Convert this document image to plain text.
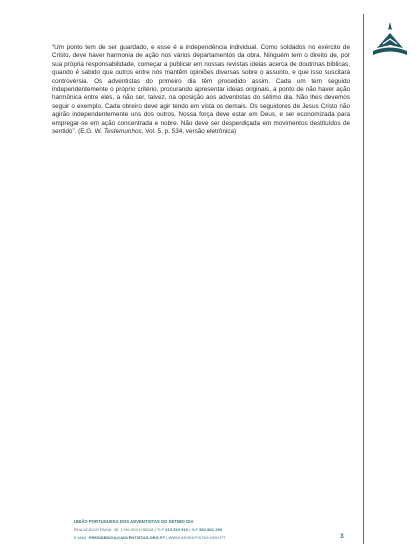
“Um ponto tem de ser guardado, e esse é a independência individual. Como soldados no exército de Cristo, deve haver harmonia de ação nos vários departamentos da obra. Ninguém tem o direito de, por sua própria responsabilidade, começar a publicar em nossas revistas ideias acerca de doutrinas bíblicas, quando é sabido que outros entre nós mantêm opiniões diversas sobre o assunto, e que isso suscitará controvérsia. Os adventistas do primeiro dia têm procedido assim. Cada um tem seguido independentemente o próprio critério, procurando apresentar ideias originais, a ponto de não haver ação harmônica entre eles, a não ser, talvez, na oposição aos adventistas do sétimo dia. Não lhes devemos seguir o exemplo. Cada obreiro deve agir tendo em vista os demais. Os seguidores de Jesus Cristo não agirão independentemente uns dos outros. Nossa força deve estar em Deus, e ser economizada para empregar-se em ação concentrada e nobre. Não deve ser desperdiçada em movimentos destituídos de sentido”. (E.G. W. Testemunhos, Vol. 5, p. 534, versão eletrônica)
UNIÃO PORTUGUESA DOS ADVENTISTAS DO SÉTIMO DIA
RUA ACÁCIO PAIVA, 35, 1700-004 LISBOA | TLF 213 510 910 | NIF 502 801 250
E-MAIL PRESIDENCIA@ADVENTISTAS.ORG.PT | WWW.ADVENTISTAS.ORG.PT	3
